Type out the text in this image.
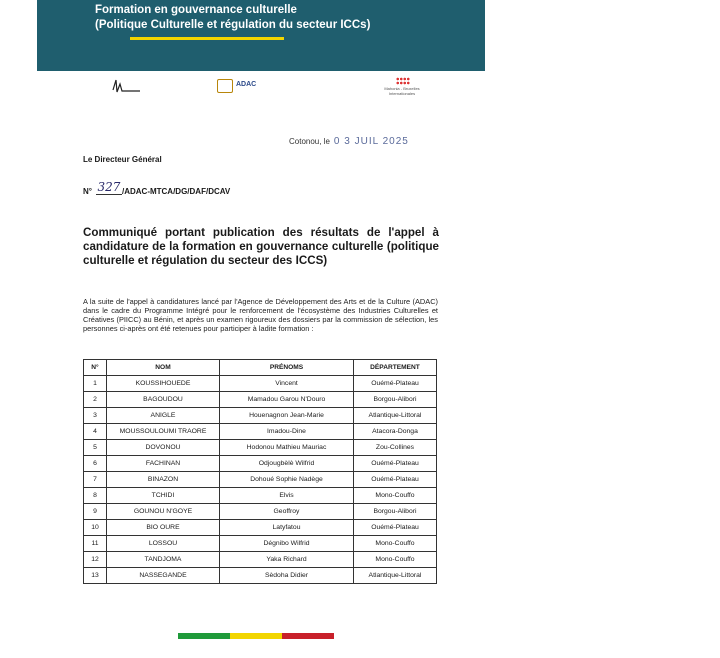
Formation en gouvernance culturelle
(Politique Culturelle et régulation du secteur ICCs)
ADAC
Mahonia - Bruxelles
Internationales
Cotonou, le 0 3 JUIL 2025
Le Directeur Général
N° 327 /ADAC-MTCA/DG/DAF/DCAV
Communiqué portant publication des résultats de l'appel à candidature de la formation en gouvernance culturelle (politique culturelle et régulation du secteur des ICCS)
A la suite de l'appel à candidatures lancé par l'Agence de Développement des Arts et de la Culture (ADAC) dans le cadre du Programme Intégré pour le renforcement de l'écosystème des Industries Culturelles et Créatives (PIICC) au Bénin, et après un examen rigoureux des dossiers par la commission de sélection, les personnes ci-après ont été retenues pour participer à ladite formation :
N°	NOM	PRÉNOMS	DÉPARTEMENT
1	KOUSSIHOUEDE	Vincent	Ouémé-Plateau
2	BAGOUDOU	Mamadou Garou N'Douro	Borgou-Alibori
3	ANIGLE	Houenagnon Jean-Marie	Atlantique-Littoral
4	MOUSSOULOUMI TRAORE	Imadou-Dine	Atacora-Donga
5	DOVONOU	Hodonou Mathieu Mauriac	Zou-Collines
6	FACHINAN	Odjougbèlè Wilfrid	Ouémé-Plateau
7	BINAZON	Dohoué Sophie Nadège	Ouémé-Plateau
8	TCHIDI	Elvis	Mono-Couffo
9	GOUNOU N'GOYE	Geoffroy	Borgou-Alibori
10	BIO OURE	Latyfatou	Ouémé-Plateau
11	LOSSOU	Dégnibo Wilfrid	Mono-Couffo
12	TANDJOMA	Yaka Richard	Mono-Couffo
13	NASSEGANDE	Sèdoha Didier	Atlantique-Littoral
